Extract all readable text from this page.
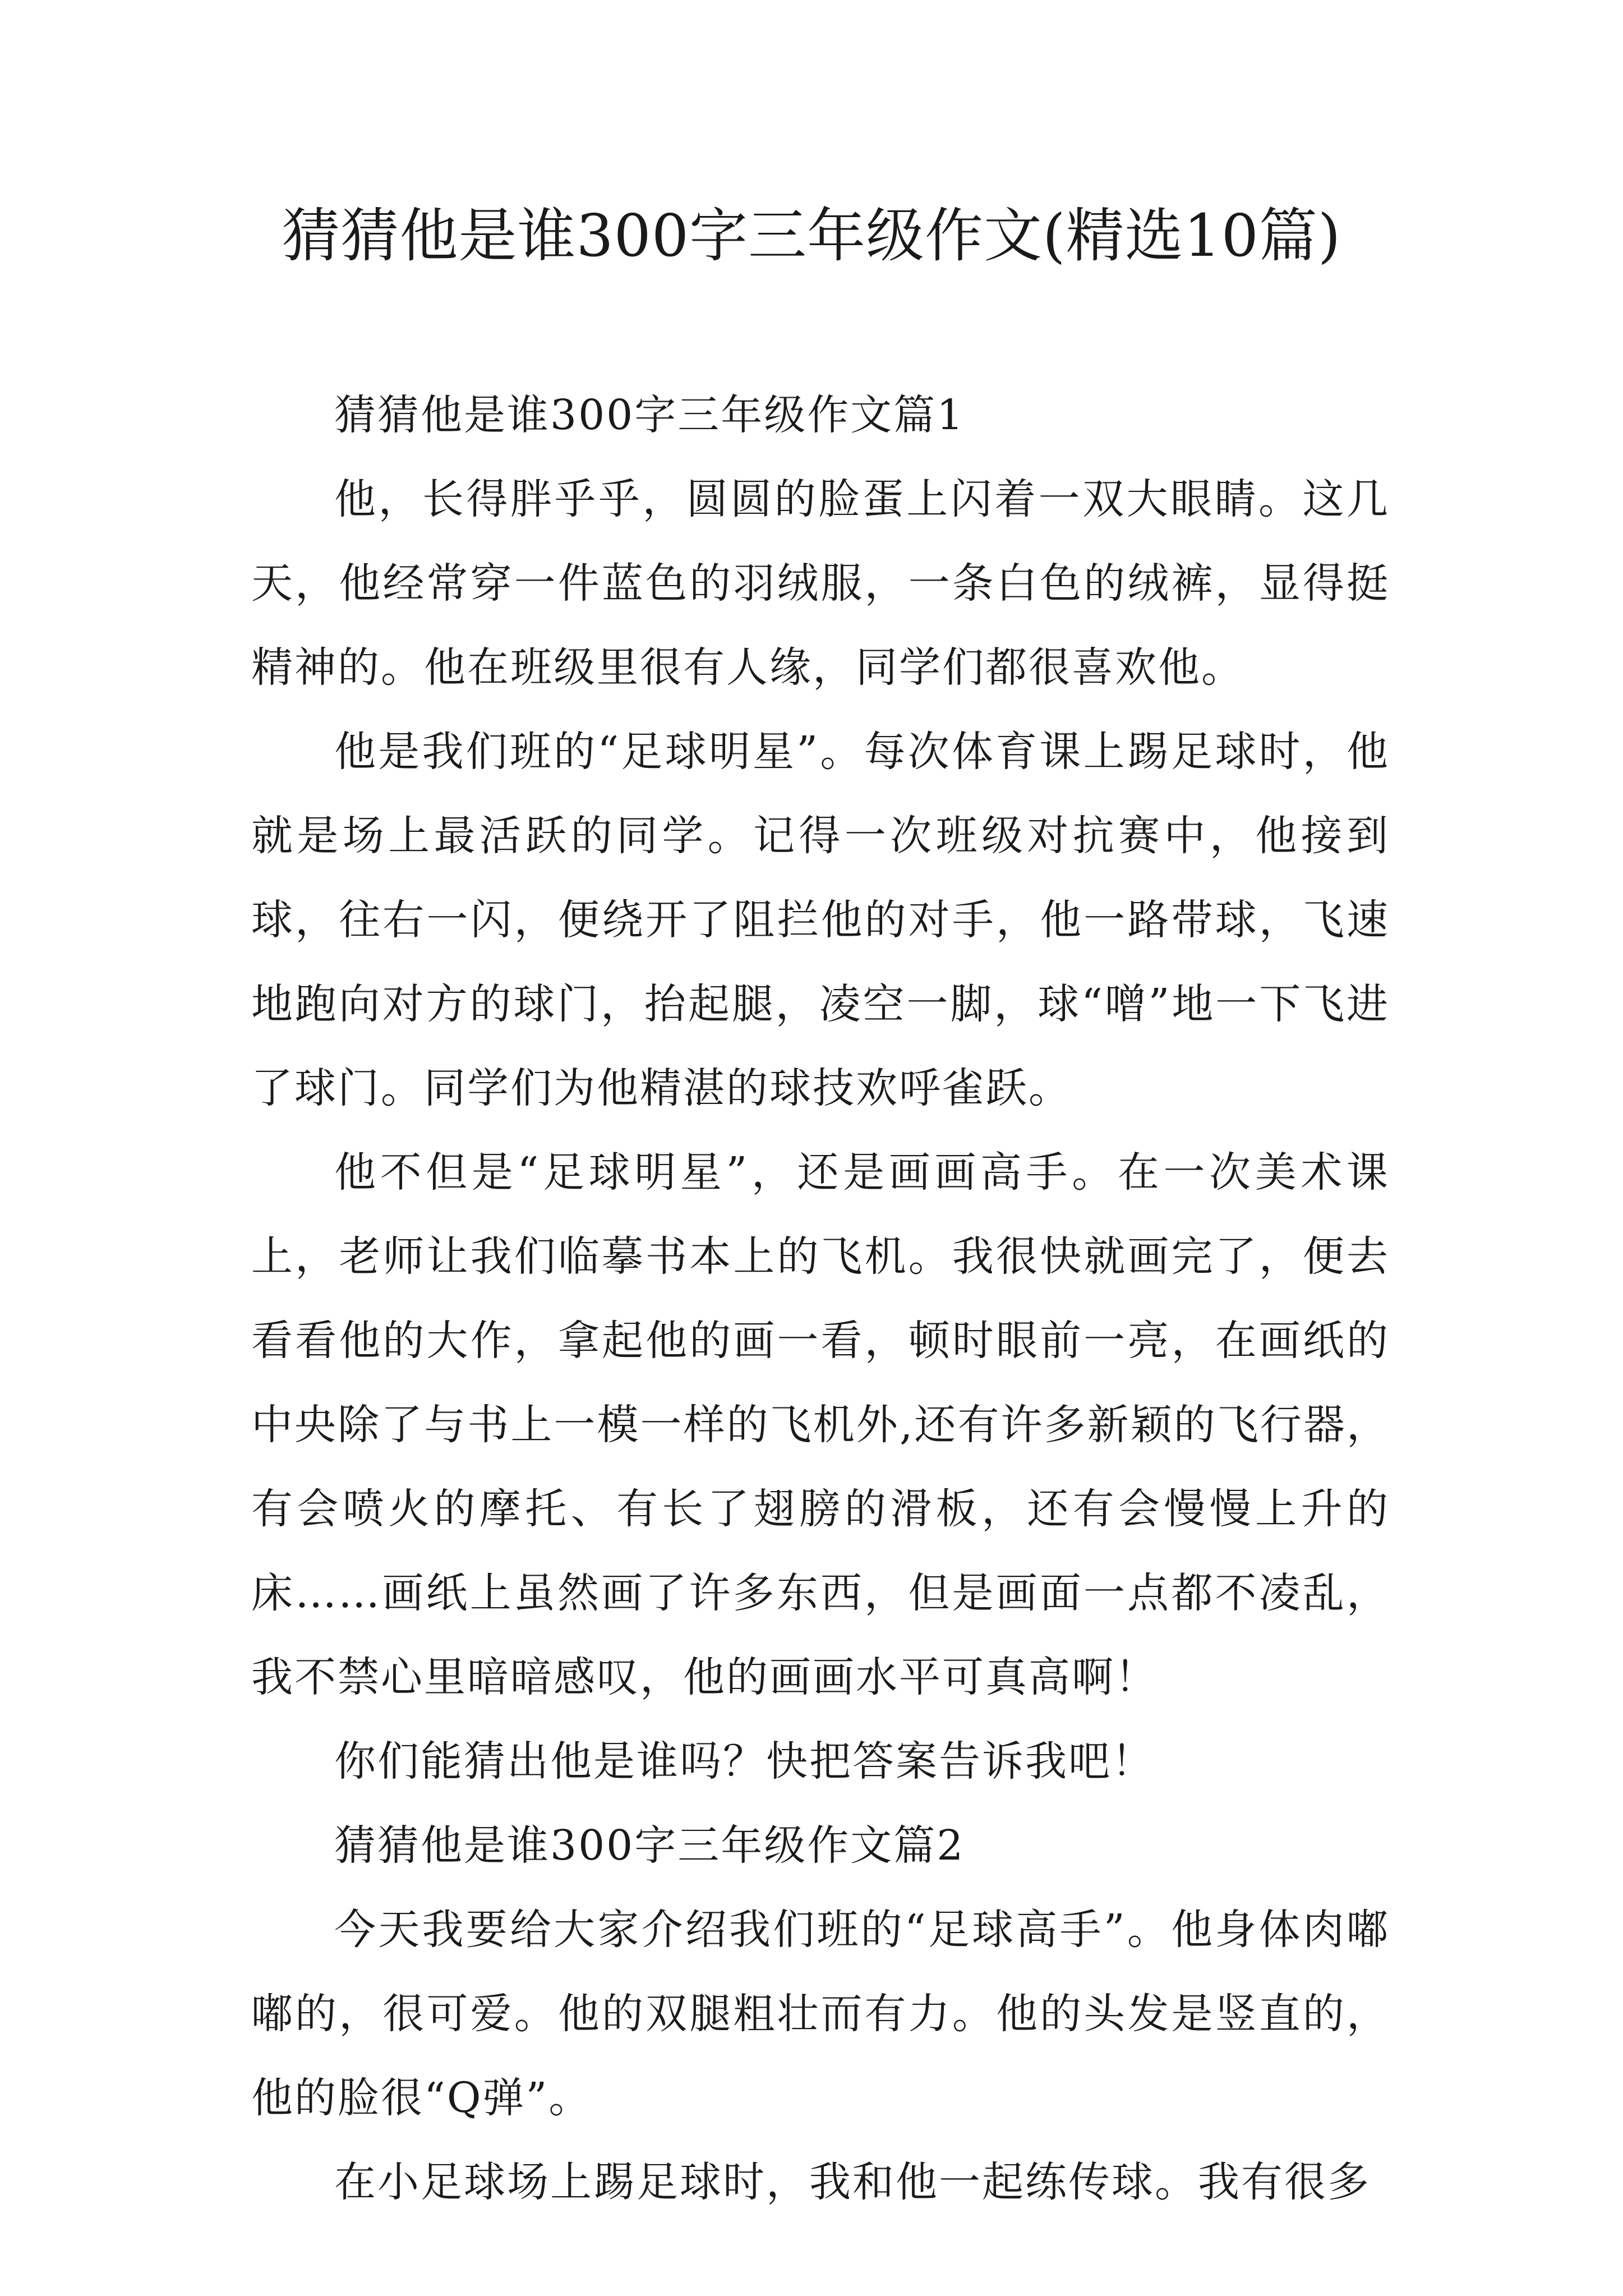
猜猜他是谁300字三年级作文(精选10篇)

猜猜他是谁300字三年级作文篇1

他，长得胖乎乎，圆圆的脸蛋上闪着一双大眼睛。这几天，他经常穿一件蓝色的羽绒服，一条白色的绒裤，显得挺精神的。他在班级里很有人缘，同学们都很喜欢他。

他是我们班的“足球明星”。每次体育课上踢足球时，他就是场上最活跃的同学。记得一次班级对抗赛中，他接到球，往右一闪，便绕开了阻拦他的对手，他一路带球，飞速地跑向对方的球门，抬起腿，凌空一脚，球“噌”地一下飞进了球门。同学们为他精湛的球技欢呼雀跃。

他不但是“足球明星”，还是画画高手。在一次美术课上，老师让我们临摹书本上的飞机。我很快就画完了，便去看看他的大作，拿起他的画一看，顿时眼前一亮，在画纸的中央除了与书上一模一样的飞机外,还有许多新颖的飞行器，有会喷火的摩托、有长了翅膀的滑板，还有会慢慢上升的床……画纸上虽然画了许多东西，但是画面一点都不凌乱，我不禁心里暗暗感叹，他的画画水平可真高啊！

你们能猜出他是谁吗？快把答案告诉我吧！

猜猜他是谁300字三年级作文篇2

今天我要给大家介绍我们班的“足球高手”。他身体肉嘟嘟的，很可爱。他的双腿粗壮而有力。他的头发是竖直的，他的脸很“Q弹”。

在小足球场上踢足球时，我和他一起练传球。我有很多
